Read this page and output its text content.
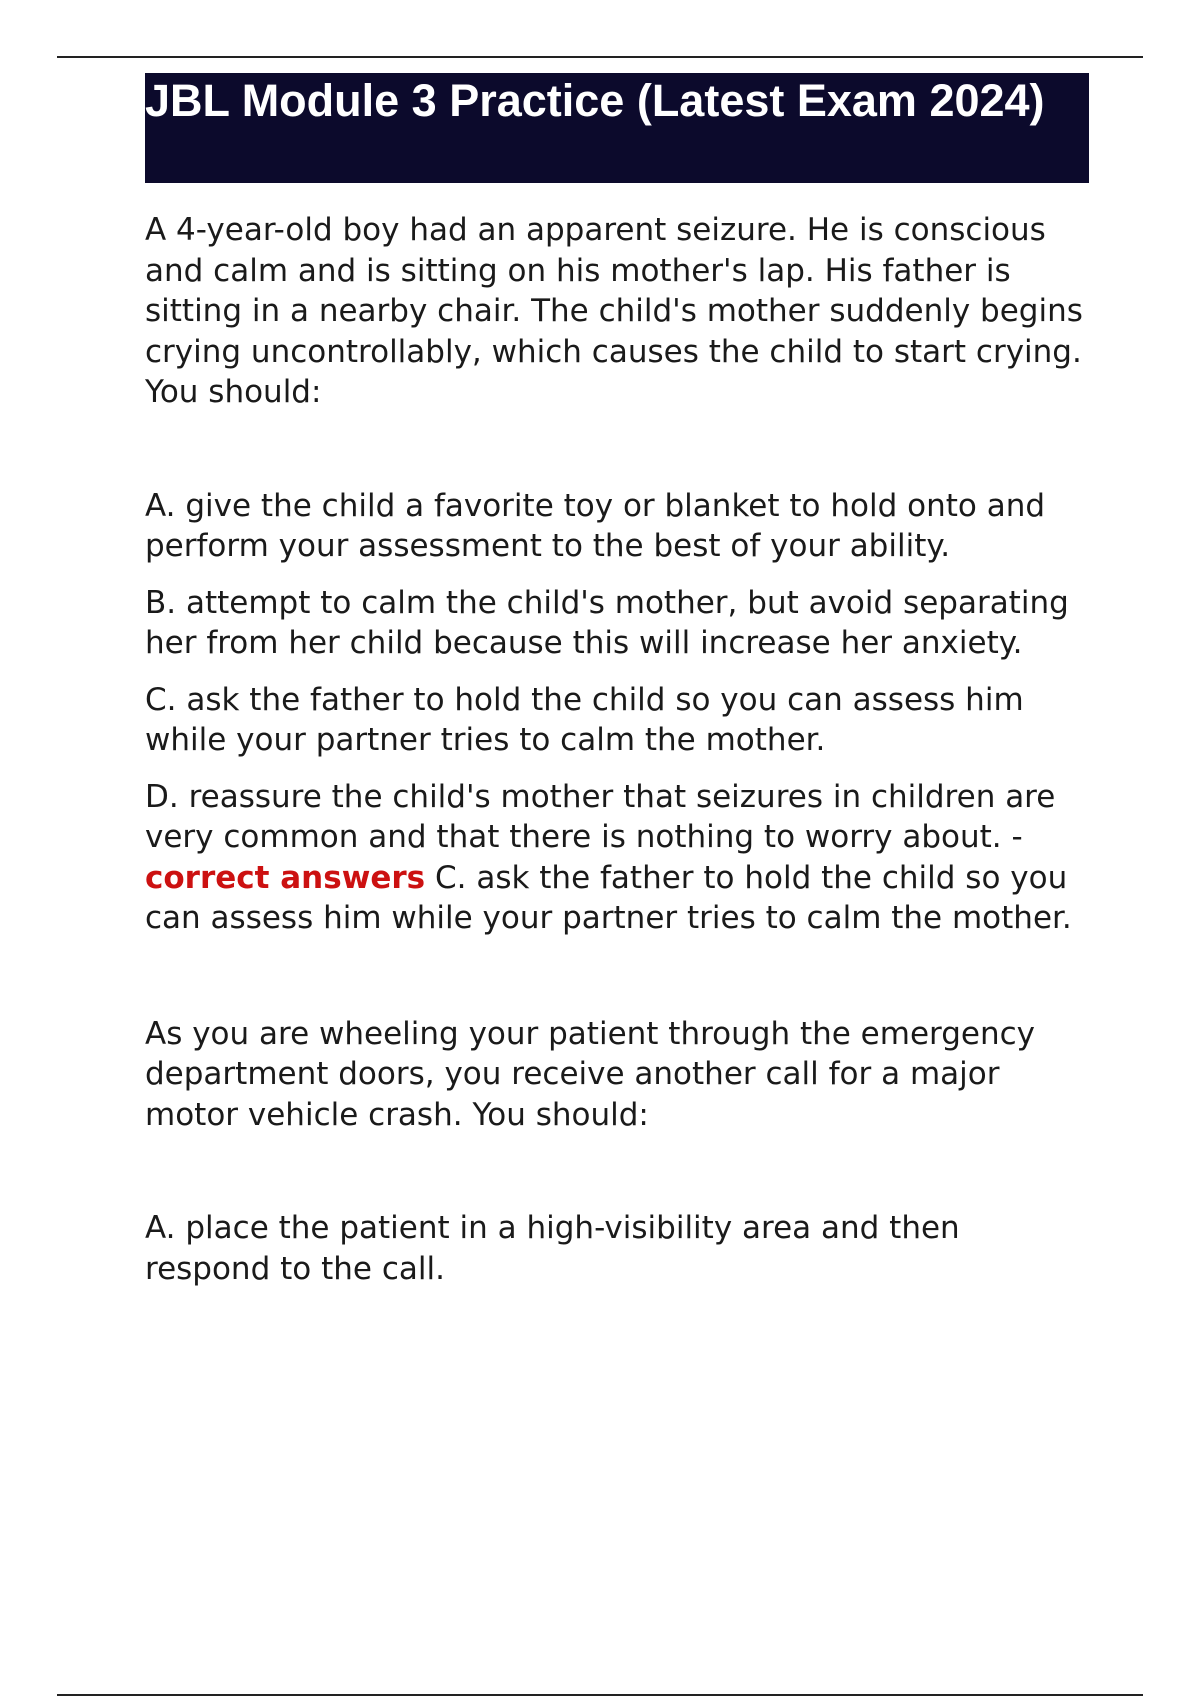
JBL Module 3 Practice (Latest Exam 2024)

A 4-year-old boy had an apparent seizure. He is conscious and calm and is sitting on his mother's lap. His father is sitting in a nearby chair. The child's mother suddenly begins crying uncontrollably, which causes the child to start crying. You should:

A. give the child a favorite toy or blanket to hold onto and perform your assessment to the best of your ability.

B. attempt to calm the child's mother, but avoid separating her from her child because this will increase her anxiety.

C. ask the father to hold the child so you can assess him while your partner tries to calm the mother.

D. reassure the child's mother that seizures in children are very common and that there is nothing to worry about. - correct answers C. ask the father to hold the child so you can assess him while your partner tries to calm the mother.

As you are wheeling your patient through the emergency department doors, you receive another call for a major motor vehicle crash. You should:

A. place the patient in a high-visibility area and then respond to the call.
